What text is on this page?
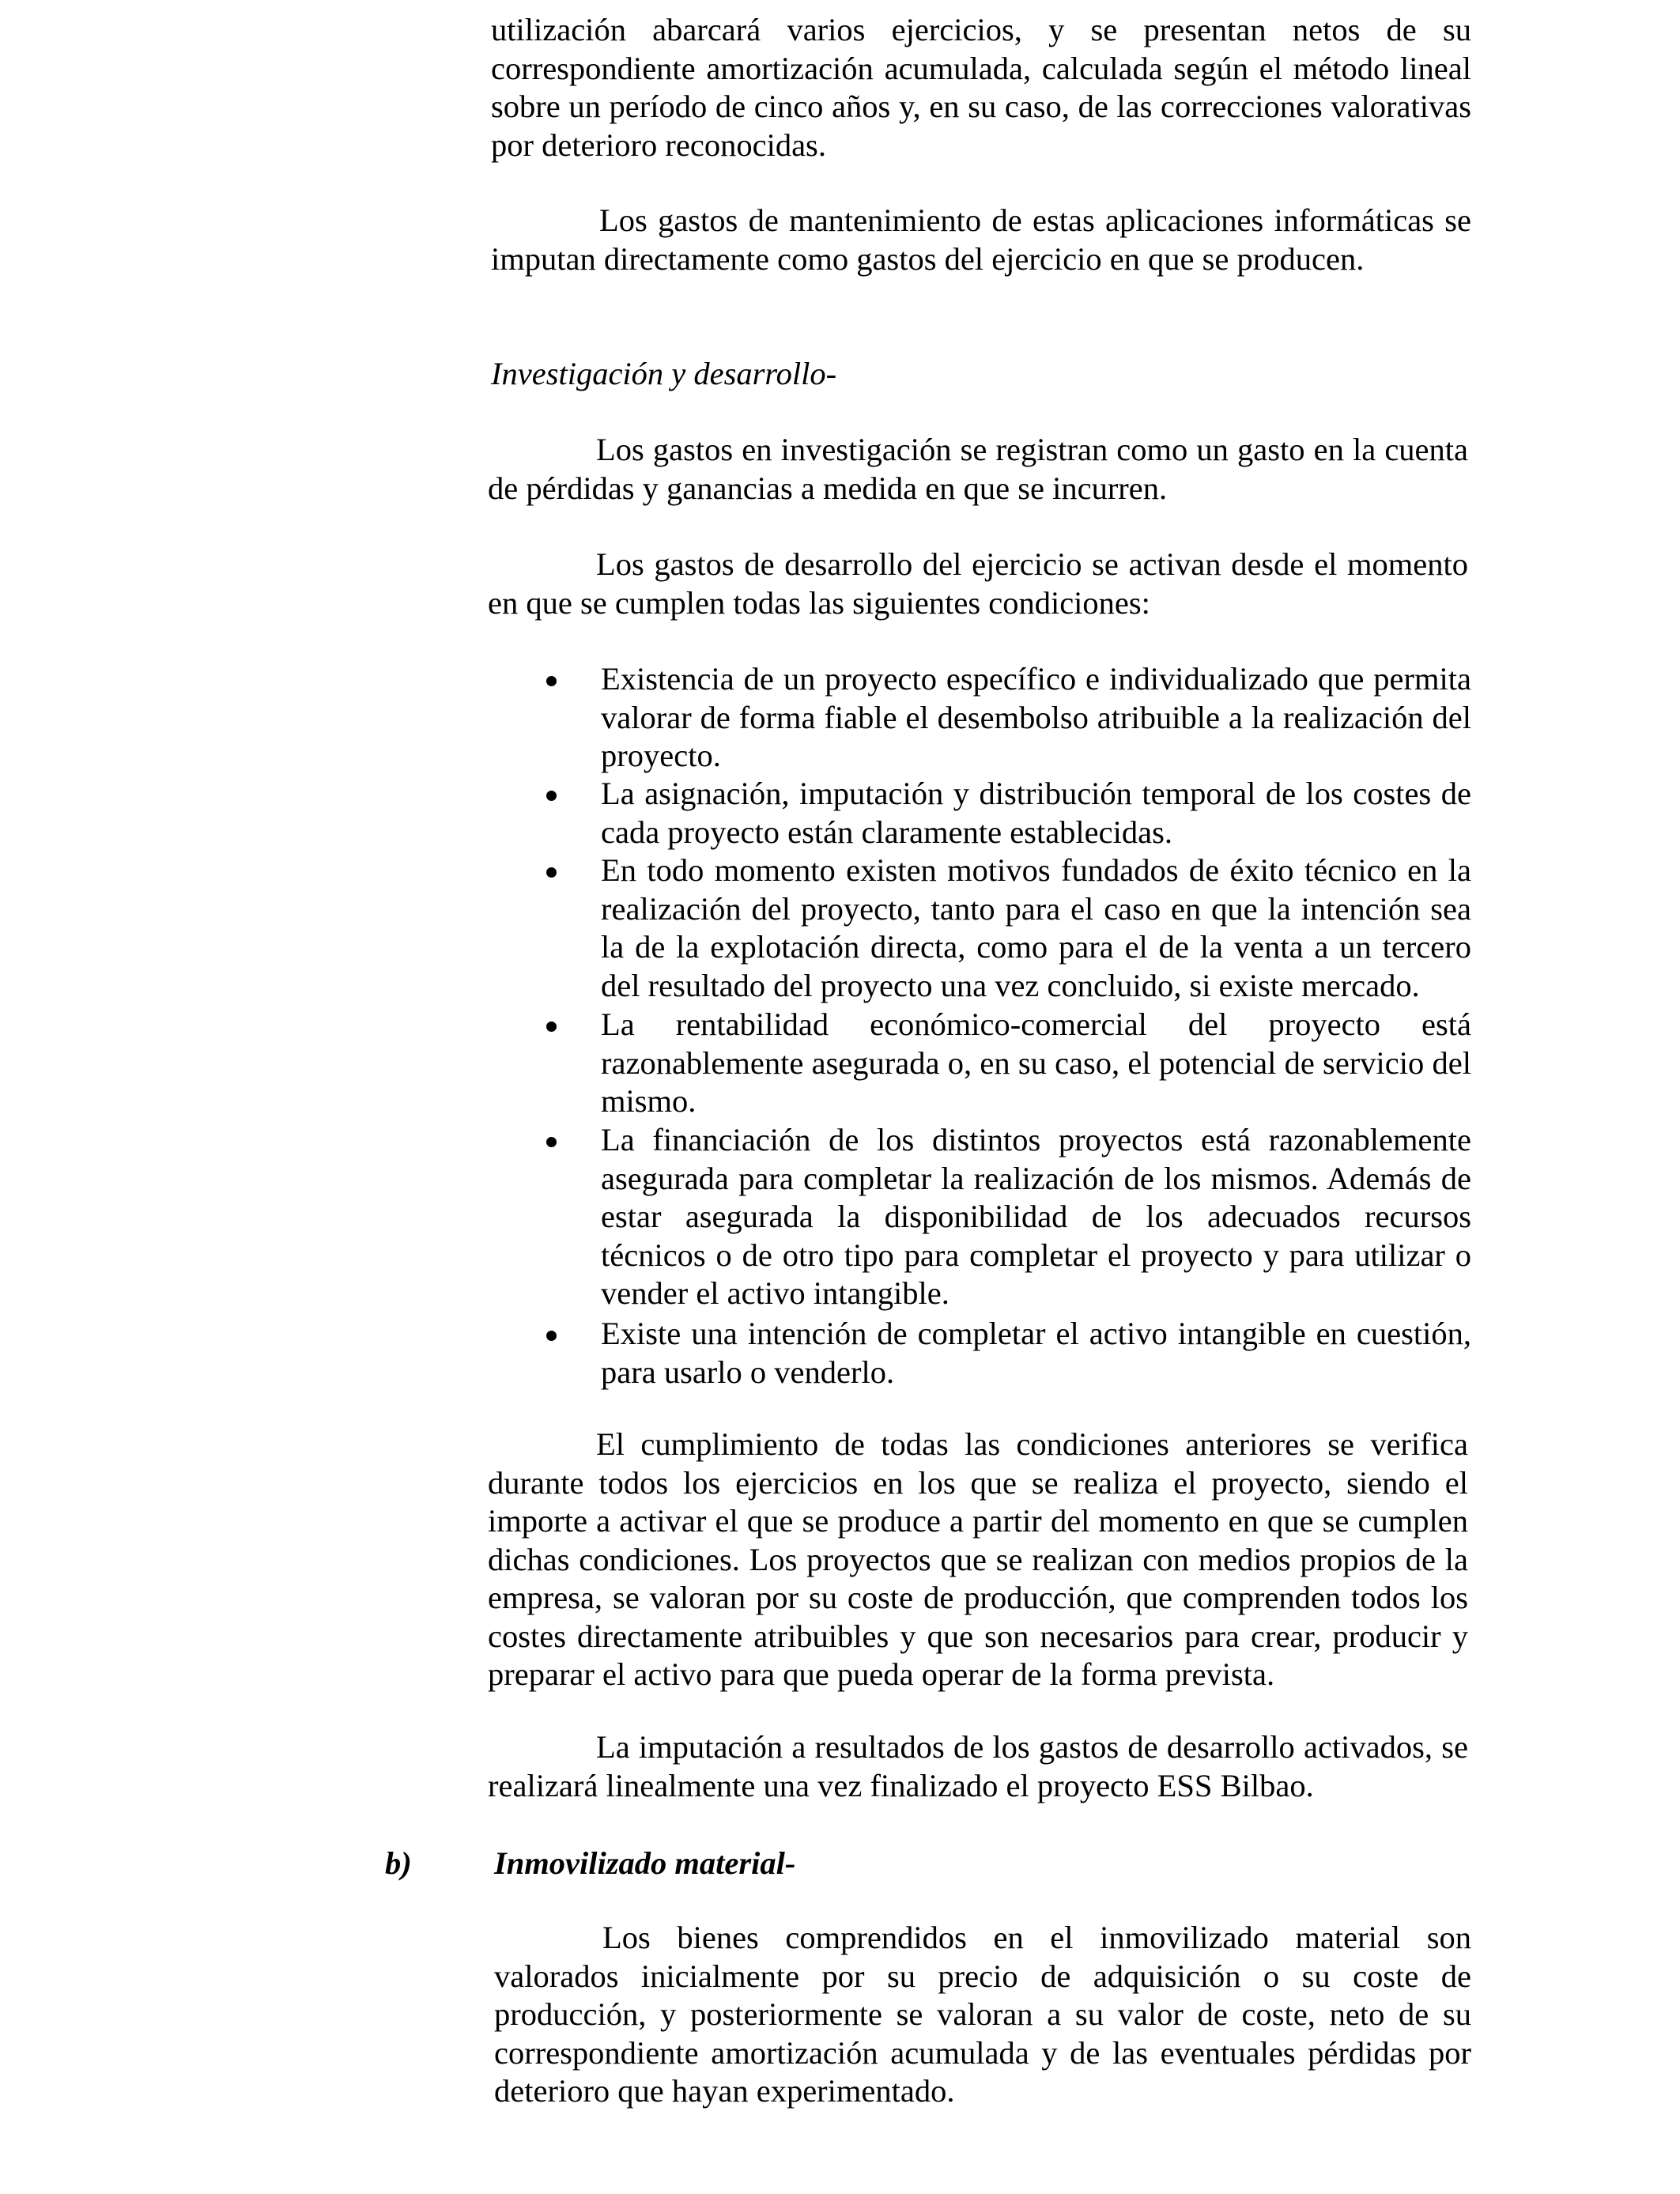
utilización abarcará varios ejercicios, y se presentan netos de su correspondiente amortización acumulada, calculada según el método lineal sobre un período de cinco años y, en su caso, de las correcciones valorativas por deterioro reconocidas.

Los gastos de mantenimiento de estas aplicaciones informáticas se imputan directamente como gastos del ejercicio en que se producen.

Investigación y desarrollo-

Los gastos en investigación se registran como un gasto en la cuenta de pérdidas y ganancias a medida en que se incurren.

Los gastos de desarrollo del ejercicio se activan desde el momento en que se cumplen todas las siguientes condiciones:

Existencia de un proyecto específico e individualizado que permita valorar de forma fiable el desembolso atribuible a la realización del proyecto.

La asignación, imputación y distribución temporal de los costes de cada proyecto están claramente establecidas.

En todo momento existen motivos fundados de éxito técnico en la realización del proyecto, tanto para el caso en que la intención sea la de la explotación directa, como para el de la venta a un tercero del resultado del proyecto una vez concluido, si existe mercado.

La rentabilidad económico-comercial del proyecto está razonablemente asegurada o, en su caso, el potencial de servicio del mismo.

La financiación de los distintos proyectos está razonablemente asegurada para completar la realización de los mismos. Además de estar asegurada la disponibilidad de los adecuados recursos técnicos o de otro tipo para completar el proyecto y para utilizar o vender el activo intangible.

Existe una intención de completar el activo intangible en cuestión, para usarlo o venderlo.

El cumplimiento de todas las condiciones anteriores se verifica durante todos los ejercicios en los que se realiza el proyecto, siendo el importe a activar el que se produce a partir del momento en que se cumplen dichas condiciones. Los proyectos que se realizan con medios propios de la empresa, se valoran por su coste de producción, que comprenden todos los costes directamente atribuibles y que son necesarios para crear, producir y preparar el activo para que pueda operar de la forma prevista.

La imputación a resultados de los gastos de desarrollo activados, se realizará linealmente una vez finalizado el proyecto ESS Bilbao.

b)	Inmovilizado material-

Los bienes comprendidos en el inmovilizado material son valorados inicialmente por su precio de adquisición o su coste de producción, y posteriormente se valoran a su valor de coste, neto de su correspondiente amortización acumulada y de las eventuales pérdidas por deterioro que hayan experimentado.
